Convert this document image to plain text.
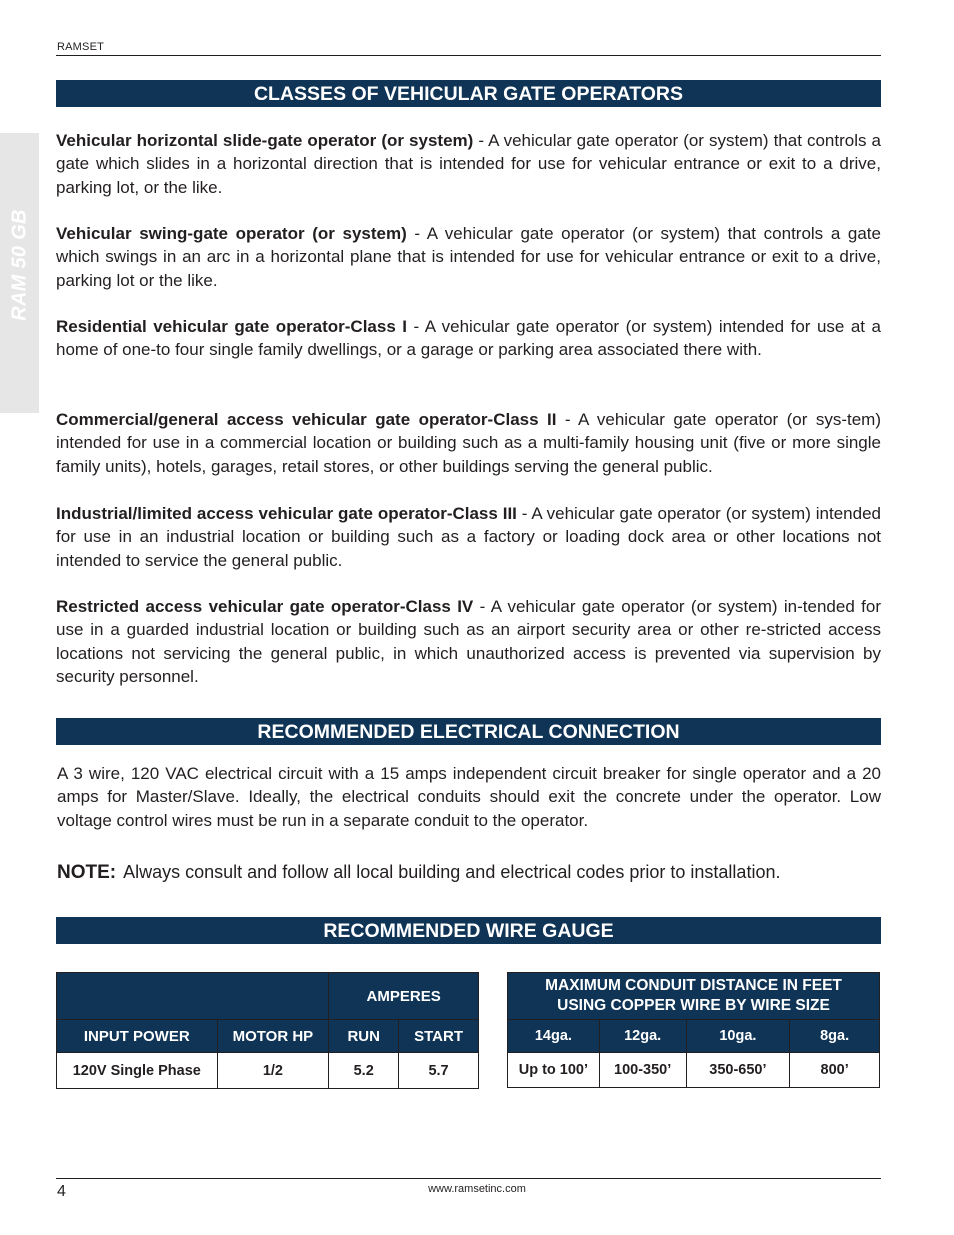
RAMSET
RAM 50 GB
CLASSES OF VEHICULAR GATE OPERATORS
Vehicular horizontal slide-gate operator (or system) - A vehicular gate operator (or system) that controls a gate which slides in a horizontal direction that is intended for use for vehicular entrance or exit to a drive, parking lot, or the like.
Vehicular swing-gate operator (or system) - A vehicular gate operator (or system) that controls a gate which swings in an arc in a horizontal plane that is intended for use for vehicular entrance or exit to a drive, parking lot or the like.
Residential vehicular gate operator-Class I - A vehicular gate operator (or system) intended for use at a home of one-to four single family dwellings, or a garage or parking area associated there with.
Commercial/general access vehicular gate operator-Class II - A vehicular gate operator (or sys-tem) intended for use in a commercial location or building such as a multi-family housing unit (five or more single family units), hotels, garages, retail stores, or other buildings serving the general public.
Industrial/limited access vehicular gate operator-Class III - A vehicular gate operator (or system) intended for use in an industrial location or building such as a factory or loading dock area or other locations not intended to service the general public.
Restricted access vehicular gate operator-Class IV - A vehicular gate operator (or system) in-tended for use in a guarded industrial location or building such as an airport security area or other re-stricted access locations not servicing the general public, in which unauthorized access is prevented via supervision by security personnel.
RECOMMENDED ELECTRICAL CONNECTION
A 3 wire, 120 VAC electrical circuit with a 15 amps independent circuit breaker for single operator and a 20 amps for Master/Slave. Ideally, the electrical conduits should exit the concrete under the operator. Low voltage control wires must be run in a separate conduit to the operator.
NOTE: Always consult and follow all local building and electrical codes prior to installation.
RECOMMENDED WIRE GAUGE
		AMPERES	
INPUT POWER	MOTOR HP	RUN	START
120V Single Phase	1/2	5.2	5.7
MAXIMUM CONDUIT DISTANCE IN FEET
USING COPPER WIRE BY WIRE SIZE			

14ga.	12ga.	10ga.	8ga.
Up to 100’	100-350’	350-650’	800’
4	www.ramsetinc.com
